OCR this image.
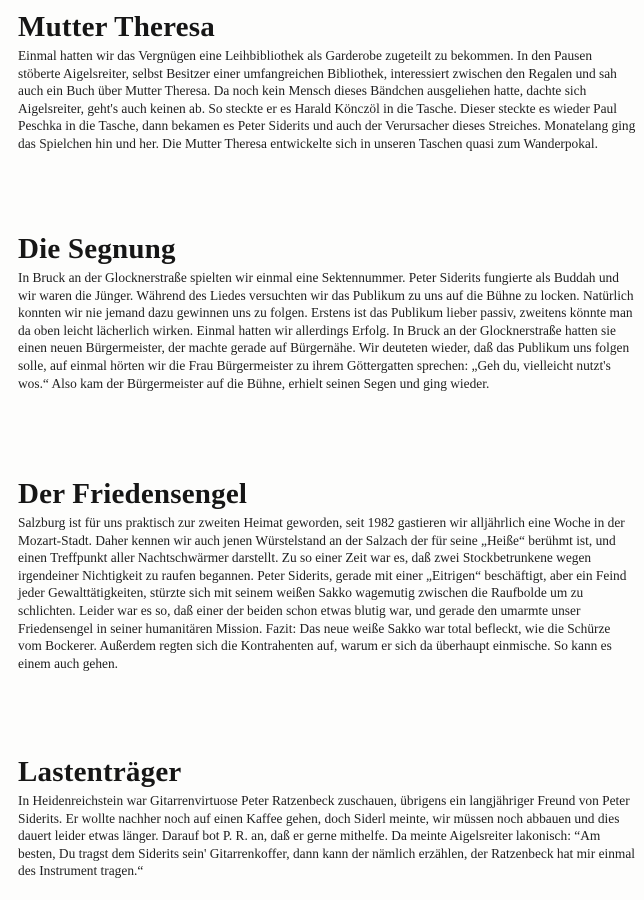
Mutter Theresa

Einmal hatten wir das Vergnügen eine Leihbibliothek als Garderobe zugeteilt zu bekommen. In den Pausen stöberte Aigelsreiter, selbst Besitzer einer umfangreichen Bibliothek, interessiert zwischen den Regalen und sah auch ein Buch über Mutter Theresa. Da noch kein Mensch dieses Bändchen ausgeliehen hatte, dachte sich Aigelsreiter, geht's auch keinen ab. So steckte er es Harald Könczöl in die Tasche. Dieser steckte es wieder Paul Peschka in die Tasche, dann bekamen es Peter Siderits und auch der Verursacher dieses Streiches. Monatelang ging das Spielchen hin und her. Die Mutter Theresa entwickelte sich in unseren Taschen quasi zum Wanderpokal.

Die Segnung

In Bruck an der Glocknerstraße spielten wir einmal eine Sektennummer. Peter Siderits fungierte als Buddah und wir waren die Jünger. Während des Liedes versuchten wir das Publikum zu uns auf die Bühne zu locken. Natürlich konnten wir nie jemand dazu gewinnen uns zu folgen. Erstens ist das Publikum lieber passiv, zweitens könnte man da oben leicht lächerlich wirken. Einmal hatten wir allerdings Erfolg. In Bruck an der Glocknerstraße hatten sie einen neuen Bürgermeister, der machte gerade auf Bürgernähe. Wir deuteten wieder, daß das Publikum uns folgen solle, auf einmal hörten wir die Frau Bürgermeister zu ihrem Göttergatten sprechen: „Geh du, vielleicht nutzt's wos.“ Also kam der Bürgermeister auf die Bühne, erhielt seinen Segen und ging wieder.

Der Friedensengel

Salzburg ist für uns praktisch zur zweiten Heimat geworden, seit 1982 gastieren wir alljährlich eine Woche in der Mozart-Stadt. Daher kennen wir auch jenen Würstelstand an der Salzach der für seine „Heiße“ berühmt ist, und einen Treffpunkt aller Nachtschwärmer darstellt. Zu so einer Zeit war es, daß zwei Stockbetrunkene wegen irgendeiner Nichtigkeit zu raufen begannen. Peter Siderits, gerade mit einer „Eitrigen“ beschäftigt, aber ein Feind jeder Gewalttätigkeiten, stürzte sich mit seinem weißen Sakko wagemutig zwischen die Raufbolde um zu schlichten. Leider war es so, daß einer der beiden schon etwas blutig war, und gerade den umarmte unser Friedensengel in seiner humanitären Mission. Fazit: Das neue weiße Sakko war total befleckt, wie die Schürze vom Bockerer. Außerdem regten sich die Kontrahenten auf, warum er sich da überhaupt einmische. So kann es einem auch gehen.

Lastenträger

In Heidenreichstein war Gitarrenvirtuose Peter Ratzenbeck zuschauen, übrigens ein langjähriger Freund von Peter Siderits. Er wollte nachher noch auf einen Kaffee gehen, doch Siderl meinte, wir müssen noch abbauen und dies dauert leider etwas länger. Darauf bot P. R. an, daß er gerne mithelfe. Da meinte Aigelsreiter lakonisch: “Am besten, Du tragst dem Siderits sein' Gitarrenkoffer, dann kann der nämlich erzählen, der Ratzenbeck hat mir einmal des Instrument tragen.“
